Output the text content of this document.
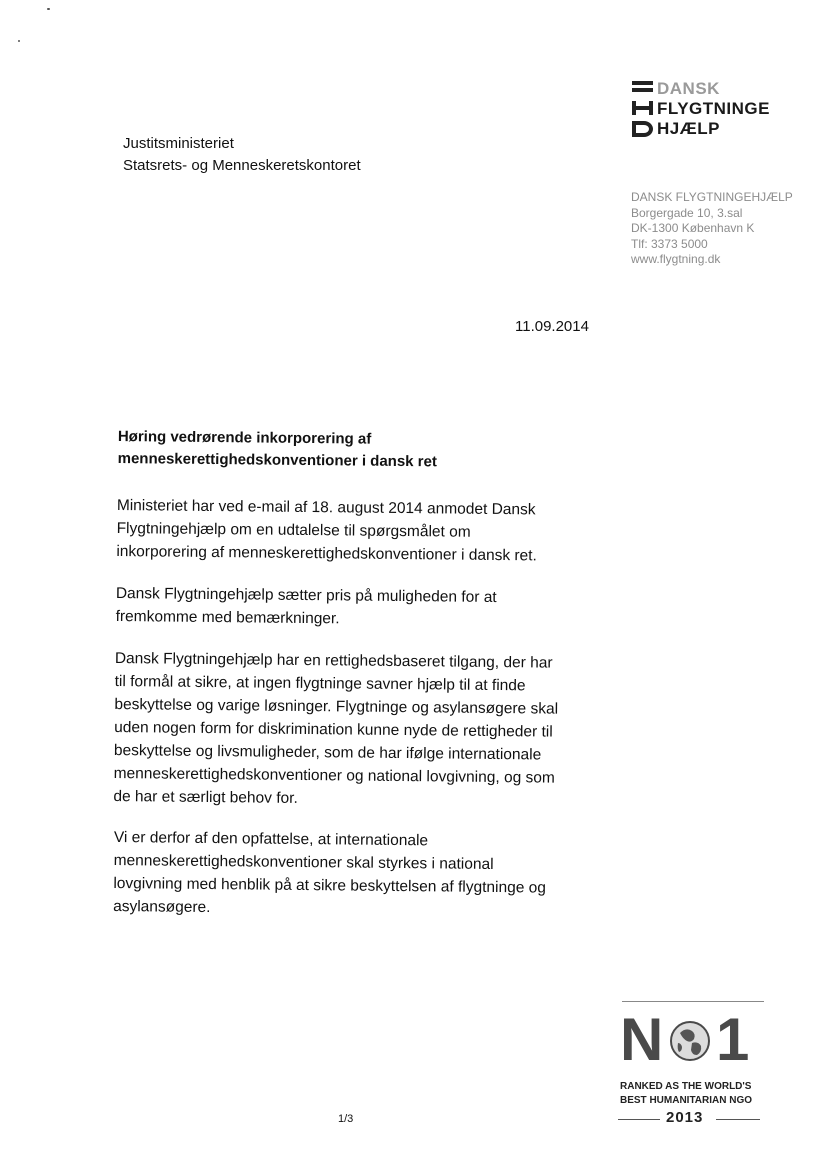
Justitsministeriet
Statsrets- og Menneskeretskontoret
DANSK
FLYGTNINGE
HJÆLP
DANSK FLYGTNINGEHJÆLP
Borgergade 10, 3.sal
DK-1300 København K
Tlf: 3373 5000
www.flygtning.dk
11.09.2014
Høring vedrørende inkorporering af
menneskerettighedskonventioner i dansk ret
Ministeriet har ved e-mail af 18. august 2014 anmodet Dansk
Flygtningehjælp om en udtalelse til spørgsmålet om
inkorporering af menneskerettighedskonventioner i dansk ret.
Dansk Flygtningehjælp sætter pris på muligheden for at
fremkomme med bemærkninger.
Dansk Flygtningehjælp har en rettighedsbaseret tilgang, der har
til formål at sikre, at ingen flygtninge savner hjælp til at finde
beskyttelse og varige løsninger. Flygtninge og asylansøgere skal
uden nogen form for diskrimination kunne nyde de rettigheder til
beskyttelse og livsmuligheder, som de har ifølge internationale
menneskerettighedskonventioner og national lovgivning, og som
de har et særligt behov for.
Vi er derfor af den opfattelse, at internationale
menneskerettighedskonventioner skal styrkes i national
lovgivning med henblik på at sikre beskyttelsen af flygtninge og
asylansøgere.
1/3
N 1
RANKED AS THE WORLD'S
BEST HUMANITARIAN NGO
2013
